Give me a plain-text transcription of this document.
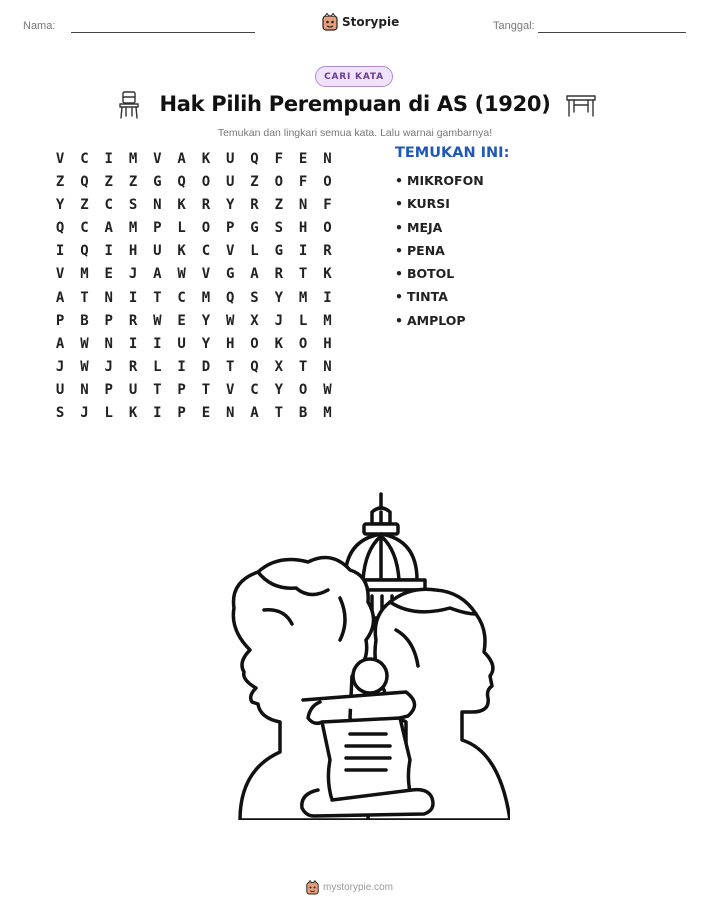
Nama:	Storypie	Tanggal:
CARI KATA
Hak Pilih Perempuan di AS (1920)
Temukan dan lingkari semua kata. Lalu warnai gambarnya!
V	C	I	M	V	A	K	U	Q	F	E	N
Z	Q	Z	Z	G	Q	O	U	Z	O	F	O
Y	Z	C	S	N	K	R	Y	R	Z	N	F
Q	C	A	M	P	L	O	P	G	S	H	O
I	Q	I	H	U	K	C	V	L	G	I	R
V	M	E	J	A	W	V	G	A	R	T	K
A	T	N	I	T	C	M	Q	S	Y	M	I
P	B	P	R	W	E	Y	W	X	J	L	M
A	W	N	I	I	U	Y	H	O	K	O	H
J	W	J	R	L	I	D	T	Q	X	T	N
U	N	P	U	T	P	T	V	C	Y	O	W
S	J	L	K	I	P	E	N	A	T	B	M
TEMUKAN INI:
• MIKROFON
• KURSI
• MEJA
• PENA
• BOTOL
• TINTA
• AMPLOP
mystorypie.com
